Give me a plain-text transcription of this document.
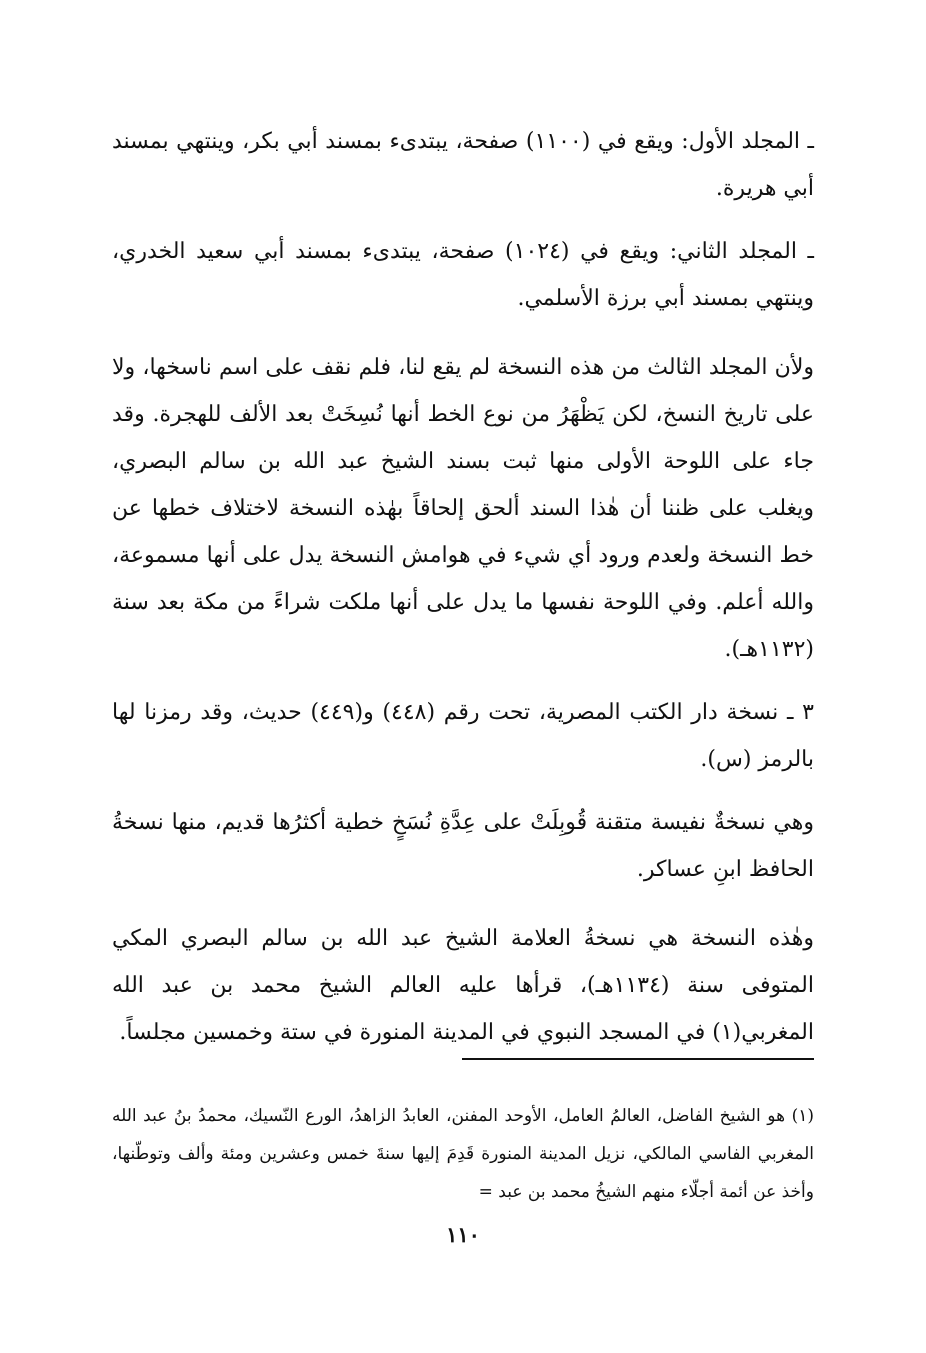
ـ المجلد الأول: ويقع في (١١٠٠) صفحة، يبتدىء بمسند أبي بكر، وينتهي بمسند أبي هريرة.

ـ المجلد الثاني: ويقع في (١٠٢٤) صفحة، يبتدىء بمسند أبي سعيد الخدري، وينتهي بمسند أبي برزة الأسلمي.

ولأن المجلد الثالث من هذه النسخة لم يقع لنا، فلم نقف على اسم ناسخها، ولا على تاريخ النسخ، لكن يَظْهَرُ من نوع الخط أنها نُسِخَتْ بعد الألف للهجرة. وقد جاء على اللوحة الأولى منها ثبت بسند الشيخ عبد الله بن سالم البصري، ويغلب على ظننا أن هٰذا السند ألحق إلحاقاً بهٰذه النسخة لاختلاف خطها عن خط النسخة ولعدم ورود أي شيء في هوامش النسخة يدل على أنها مسموعة، والله أعلم. وفي اللوحة نفسها ما يدل على أنها ملكت شراءً من مكة بعد سنة (١١٣٢هـ).

٣ ـ نسخة دار الكتب المصرية، تحت رقم (٤٤٨) و(٤٤٩) حديث، وقد رمزنا لها بالرمز (س).

وهي نسخةٌ نفيسة متقنة قُوبِلَتْ على عِدَّةِ نُسَخٍ خطية أكثرُها قديم، منها نسخةُ الحافظ ابنِ عساكر.

وهٰذه النسخة هي نسخةُ العلامة الشيخ عبد الله بن سالم البصري المكي المتوفى سنة (١١٣٤هـ)، قرأها عليه العالم الشيخ محمد بن عبد الله المغربي(١) في المسجد النبوي في المدينة المنورة في ستة وخمسين مجلساً.

(١) هو الشيخ الفاضل، العالمُ العامل، الأوحد المفنن، العابدُ الزاهدُ، الورع النّسيك، محمدُ بنُ عبد الله المغربي الفاسي المالكي، نزيل المدينة المنورة قَدِمَ إليها سنةَ خمس وعشرين ومئة وألف وتوطّنها، وأخذ عن أئمة أجلّاء منهم الشيخُ محمد بن عبد =

١١٠
